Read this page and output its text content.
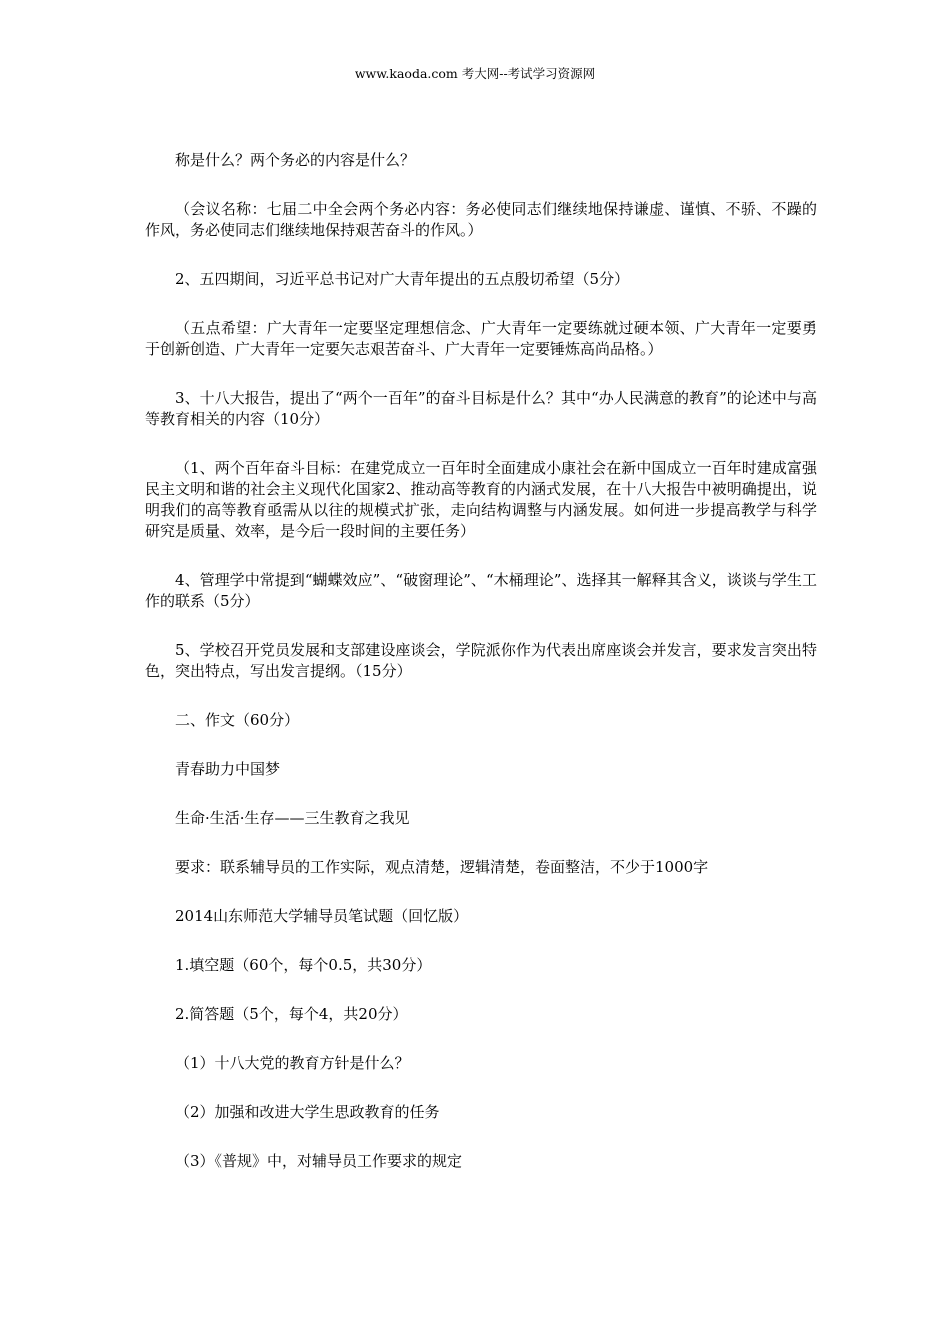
www.kaoda.com 考大网--考试学习资源网

称是什么？两个务必的内容是什么？

（会议名称：七届二中全会两个务必内容：务必使同志们继续地保持谦虚、谨慎、不骄、不躁的作风，务必使同志们继续地保持艰苦奋斗的作风。）

2、五四期间，习近平总书记对广大青年提出的五点殷切希望（5分）

（五点希望：广大青年一定要坚定理想信念、广大青年一定要练就过硬本领、广大青年一定要勇于创新创造、广大青年一定要矢志艰苦奋斗、广大青年一定要锤炼高尚品格。）

3、十八大报告，提出了“两个一百年”的奋斗目标是什么？其中“办人民满意的教育”的论述中与高等教育相关的内容（10分）

（1、两个百年奋斗目标：在建党成立一百年时全面建成小康社会在新中国成立一百年时建成富强民主文明和谐的社会主义现代化国家2、推动高等教育的内涵式发展，在十八大报告中被明确提出，说明我们的高等教育亟需从以往的规模式扩张，走向结构调整与内涵发展。如何进一步提高教学与科学研究是质量、效率，是今后一段时间的主要任务）

4、管理学中常提到“蝴蝶效应”、“破窗理论”、“木桶理论”、选择其一解释其含义，谈谈与学生工作的联系（5分）

5、学校召开党员发展和支部建设座谈会，学院派你作为代表出席座谈会并发言，要求发言突出特色，突出特点，写出发言提纲。（15分）

二、作文（60分）

青春助力中国梦

生命·生活·生存——三生教育之我见

要求：联系辅导员的工作实际，观点清楚，逻辑清楚，卷面整洁，不少于1000字

2014山东师范大学辅导员笔试题（回忆版）

1.填空题（60个，每个0.5，共30分）

2.简答题（5个，每个4，共20分）

（1）十八大党的教育方针是什么？

（2）加强和改进大学生思政教育的任务

（3）《普规》中，对辅导员工作要求的规定
